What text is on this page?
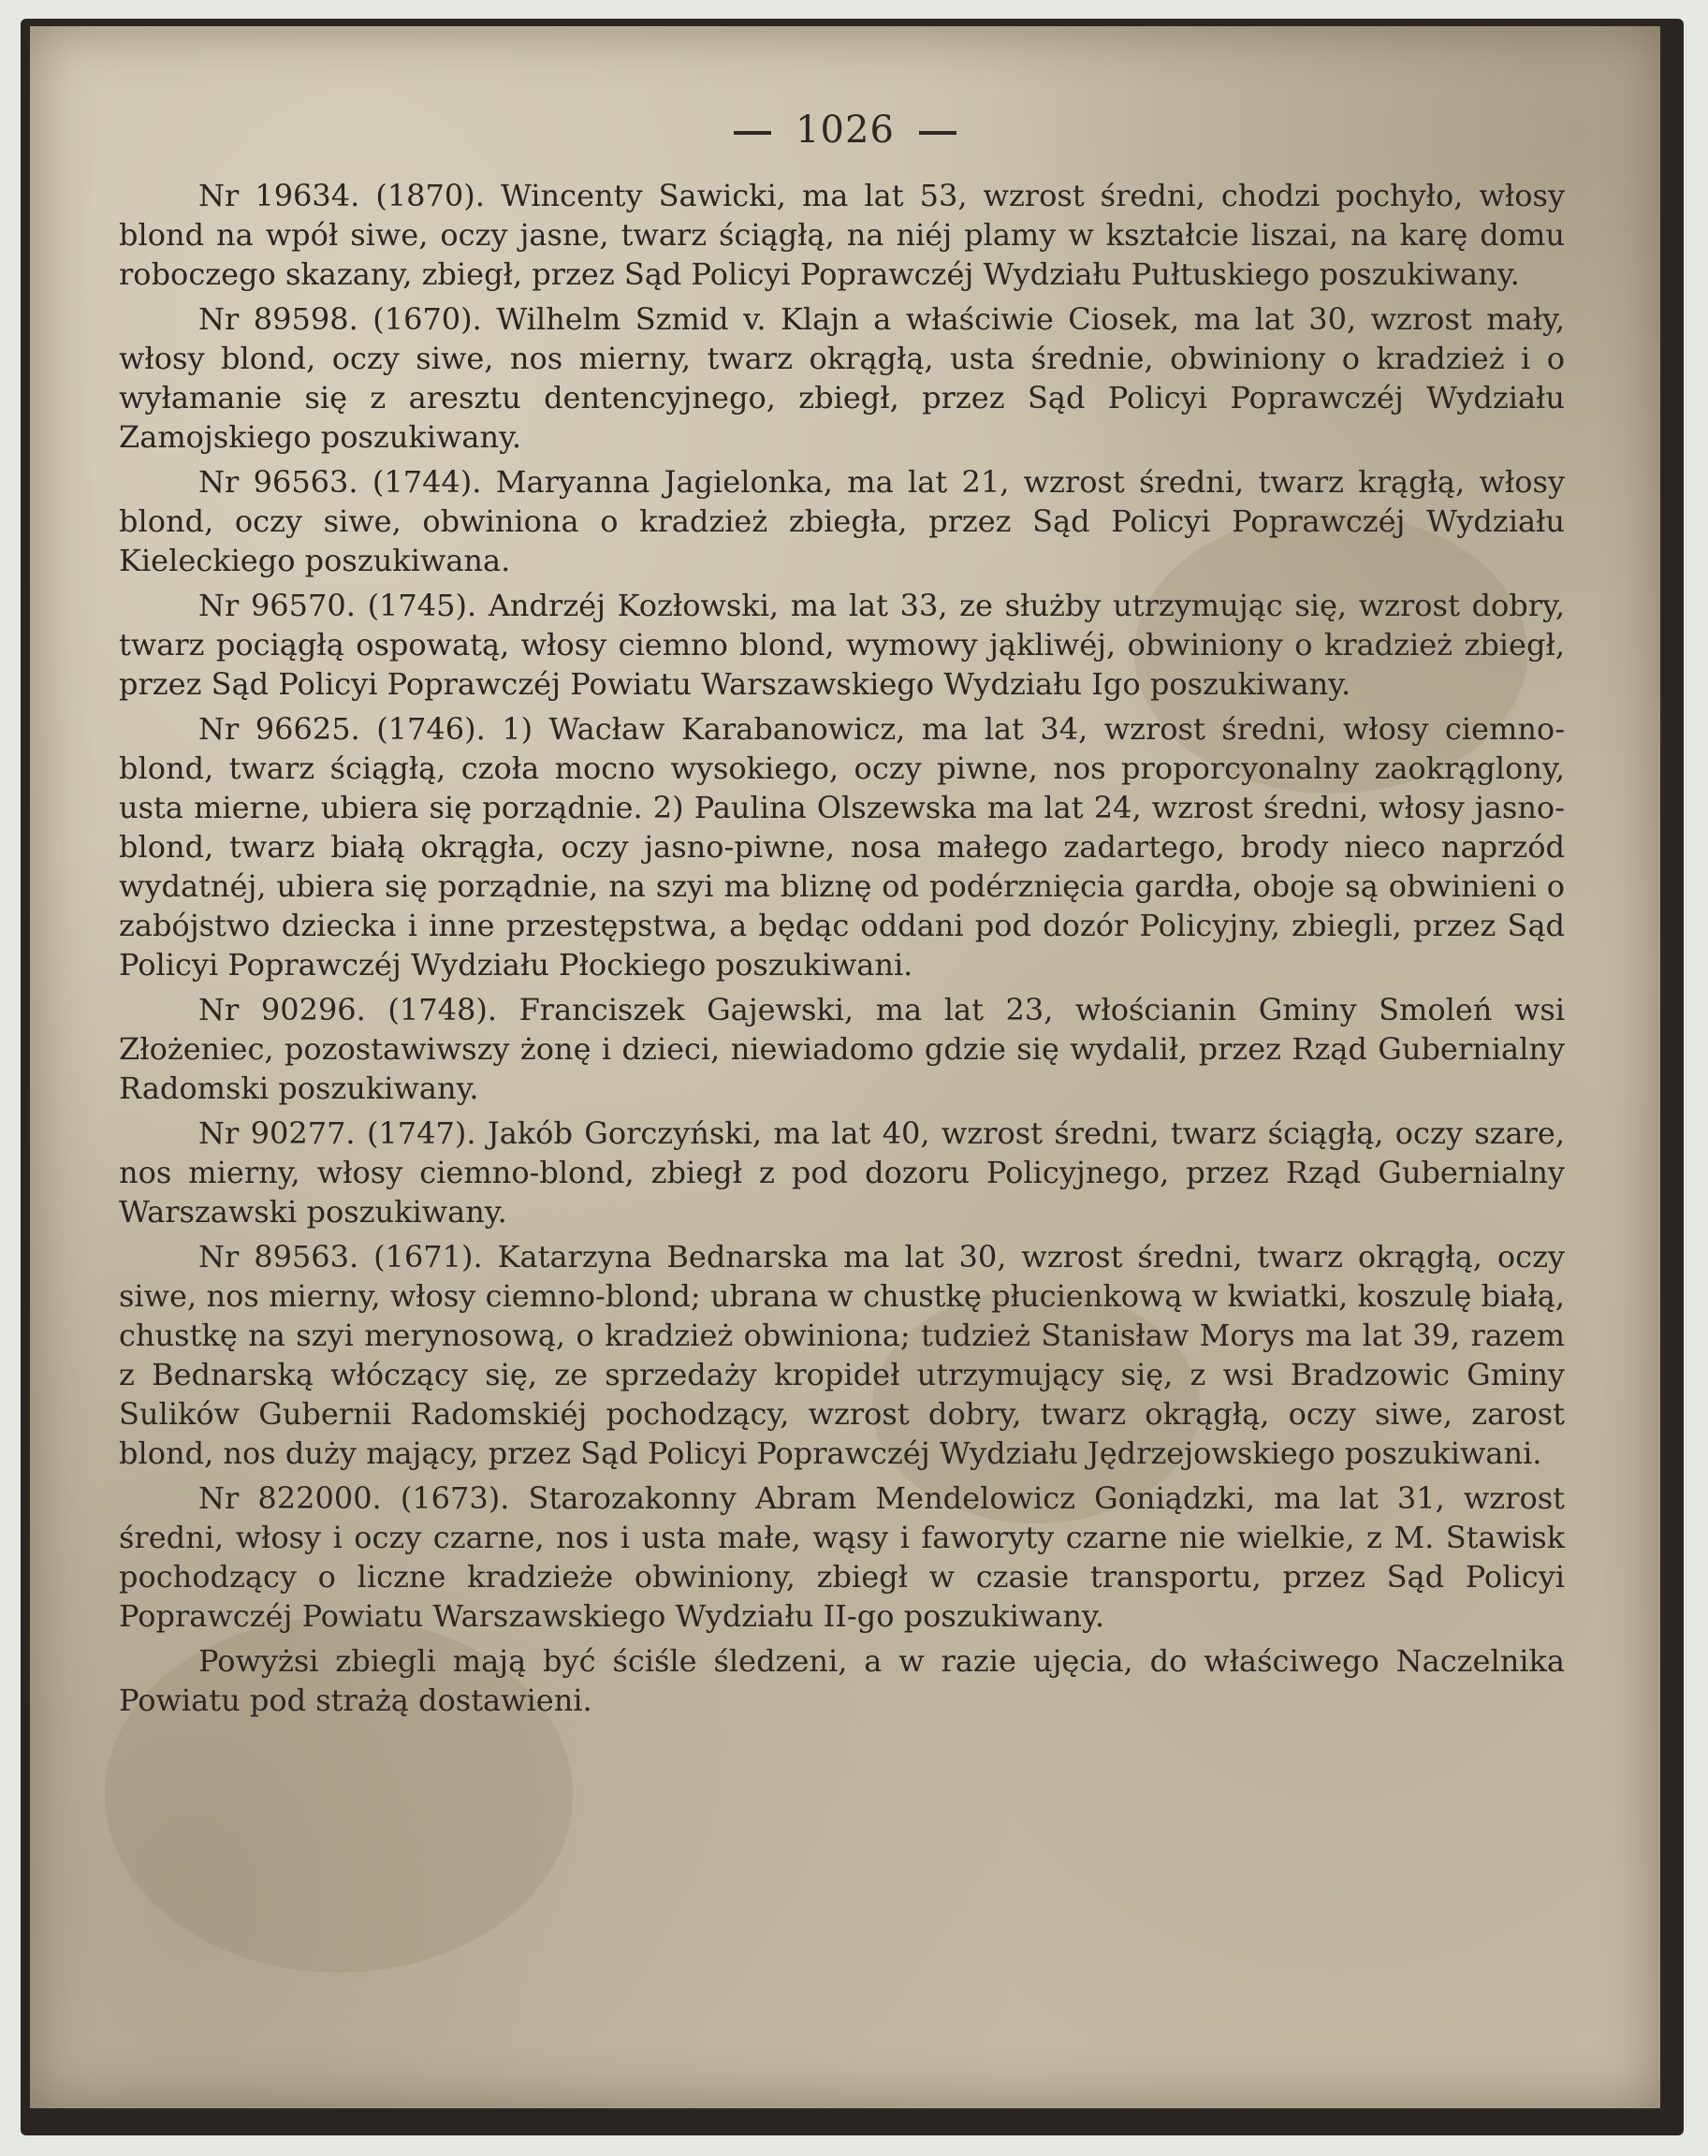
1026

Nr 19634. (1870). Wincenty Sawicki, ma lat 53, wzrost średni, chodzi pochyło, włosy blond na wpół siwe, oczy jasne, twarz ściągłą, na niéj plamy w kształcie liszai, na karę domu roboczego skazany, zbiegł, przez Sąd Policyi Poprawczéj Wydziału Pułtuskiego poszukiwany.

Nr 89598. (1670). Wilhelm Szmid v. Klajn a właściwie Ciosek, ma lat 30, wzrost mały, włosy blond, oczy siwe, nos mierny, twarz okrągłą, usta średnie, obwiniony o kradzież i o wyłamanie się z aresztu dentencyjnego, zbiegł, przez Sąd Policyi Poprawczéj Wydziału Zamojskiego poszukiwany.

Nr 96563. (1744). Maryanna Jagielonka, ma lat 21, wzrost średni, twarz krągłą, włosy blond, oczy siwe, obwiniona o kradzież zbiegła, przez Sąd Policyi Poprawczéj Wydziału Kieleckiego poszukiwana.

Nr 96570. (1745). Andrzéj Kozłowski, ma lat 33, ze służby utrzymując się, wzrost dobry, twarz pociągłą ospowatą, włosy ciemno blond, wymowy jąkliwéj, obwiniony o kradzież zbiegł, przez Sąd Policyi Poprawczéj Powiatu Warszawskiego Wydziału Igo poszukiwany.

Nr 96625. (1746). 1) Wacław Karabanowicz, ma lat 34, wzrost średni, włosy ciemno-blond, twarz ściągłą, czoła mocno wysokiego, oczy piwne, nos proporcyonalny zaokrąglony, usta mierne, ubiera się porządnie. 2) Paulina Olszewska ma lat 24, wzrost średni, włosy jasno-blond, twarz białą okrągła, oczy jasno-piwne, nosa małego zadartego, brody nieco naprzód wydatnéj, ubiera się porządnie, na szyi ma bliznę od podérznięcia gardła, oboje są obwinieni o zabójstwo dziecka i inne przestępstwa, a będąc oddani pod dozór Policyjny, zbiegli, przez Sąd Policyi Poprawczéj Wydziału Płockiego poszukiwani.

Nr 90296. (1748). Franciszek Gajewski, ma lat 23, włościanin Gminy Smoleń wsi Złożeniec, pozostawiwszy żonę i dzieci, niewiadomo gdzie się wydalił, przez Rząd Gubernialny Radomski poszukiwany.

Nr 90277. (1747). Jakób Gorczyński, ma lat 40, wzrost średni, twarz ściągłą, oczy szare, nos mierny, włosy ciemno-blond, zbiegł z pod dozoru Policyjnego, przez Rząd Gubernialny Warszawski poszukiwany.

Nr 89563. (1671). Katarzyna Bednarska ma lat 30, wzrost średni, twarz okrągłą, oczy siwe, nos mierny, włosy ciemno-blond; ubrana w chustkę płucienkową w kwiatki, koszulę białą, chustkę na szyi merynosową, o kradzież obwiniona; tudzież Stanisław Morys ma lat 39, razem z Bednarską włóczący się, ze sprzedaży kropideł utrzymujący się, z wsi Bradzowic Gminy Sulików Gubernii Radomskiéj pochodzący, wzrost dobry, twarz okrągłą, oczy siwe, zarost blond, nos duży mający, przez Sąd Policyi Poprawczéj Wydziału Jędrzejowskiego poszukiwani.

Nr 822000. (1673). Starozakonny Abram Mendelowicz Goniądzki, ma lat 31, wzrost średni, włosy i oczy czarne, nos i usta małe, wąsy i faworyty czarne nie wielkie, z M. Stawisk pochodzący o liczne kradzieże obwiniony, zbiegł w czasie transportu, przez Sąd Policyi Poprawczéj Powiatu Warszawskiego Wydziału II-go poszukiwany.

Powyżsi zbiegli mają być ściśle śledzeni, a w razie ujęcia, do właściwego Naczelnika Powiatu pod strażą dostawieni.
